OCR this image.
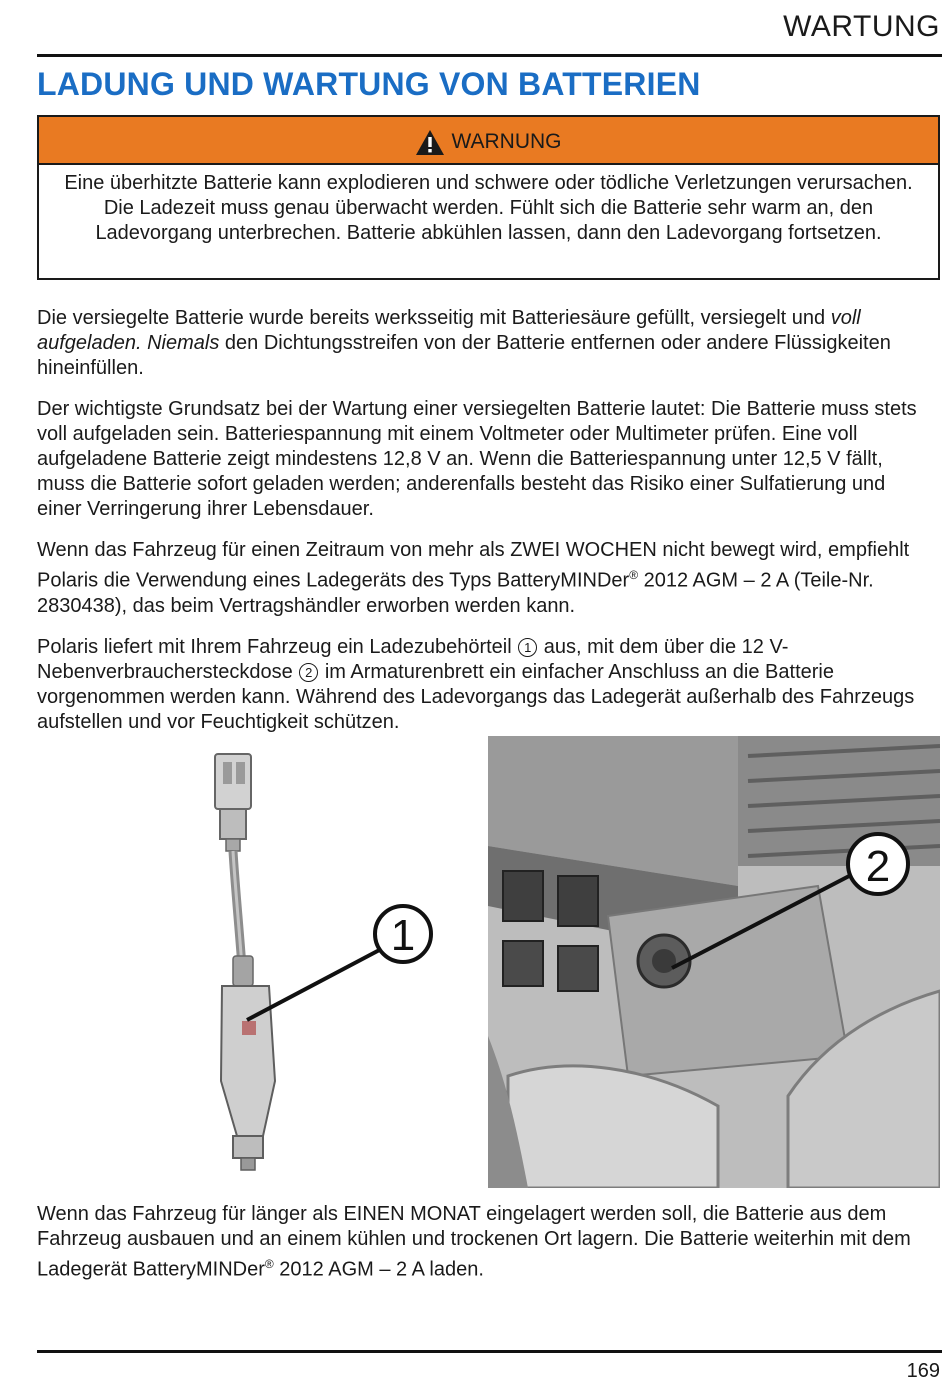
WARTUNG
LADUNG UND WARTUNG VON BATTERIEN
WARNUNG
Eine überhitzte Batterie kann explodieren und schwere oder tödliche Verletzungen verursachen. Die Ladezeit muss genau überwacht werden. Fühlt sich die Batterie sehr warm an, den Ladevorgang unterbrechen. Batterie abkühlen lassen, dann den Ladevorgang fortsetzen.

Die versiegelte Batterie wurde bereits werksseitig mit Batteriesäure gefüllt, versiegelt und voll aufgeladen. Niemals den Dichtungsstreifen von der Batterie entfernen oder andere Flüssigkeiten hineinfüllen.

Der wichtigste Grundsatz bei der Wartung einer versiegelten Batterie lautet: Die Batterie muss stets voll aufgeladen sein. Batteriespannung mit einem Voltmeter oder Multimeter prüfen. Eine voll aufgeladene Batterie zeigt mindestens 12,8 V an. Wenn die Batteriespannung unter 12,5 V fällt, muss die Batterie sofort geladen werden; anderenfalls besteht das Risiko einer Sulfatierung und einer Verringerung ihrer Lebensdauer.

Wenn das Fahrzeug für einen Zeitraum von mehr als ZWEI WOCHEN nicht bewegt wird, empfiehlt Polaris die Verwendung eines Ladegeräts des Typs BatteryMINDer® 2012 AGM – 2 A (Teile-Nr. 2830438), das beim Vertragshändler erworben werden kann.

Polaris liefert mit Ihrem Fahrzeug ein Ladezubehörteil 1 aus, mit dem über die 12 V-Nebenverbrauchersteckdose 2 im Armaturenbrett ein einfacher Anschluss an die Batterie vorgenommen werden kann. Während des Ladevorgangs das Ladegerät außerhalb des Fahrzeugs aufstellen und vor Feuchtigkeit schützen.

1
2

Wenn das Fahrzeug für länger als EINEN MONAT eingelagert werden soll, die Batterie aus dem Fahrzeug ausbauen und an einem kühlen und trockenen Ort lagern. Die Batterie weiterhin mit dem Ladegerät BatteryMINDer® 2012 AGM – 2 A laden.

169
